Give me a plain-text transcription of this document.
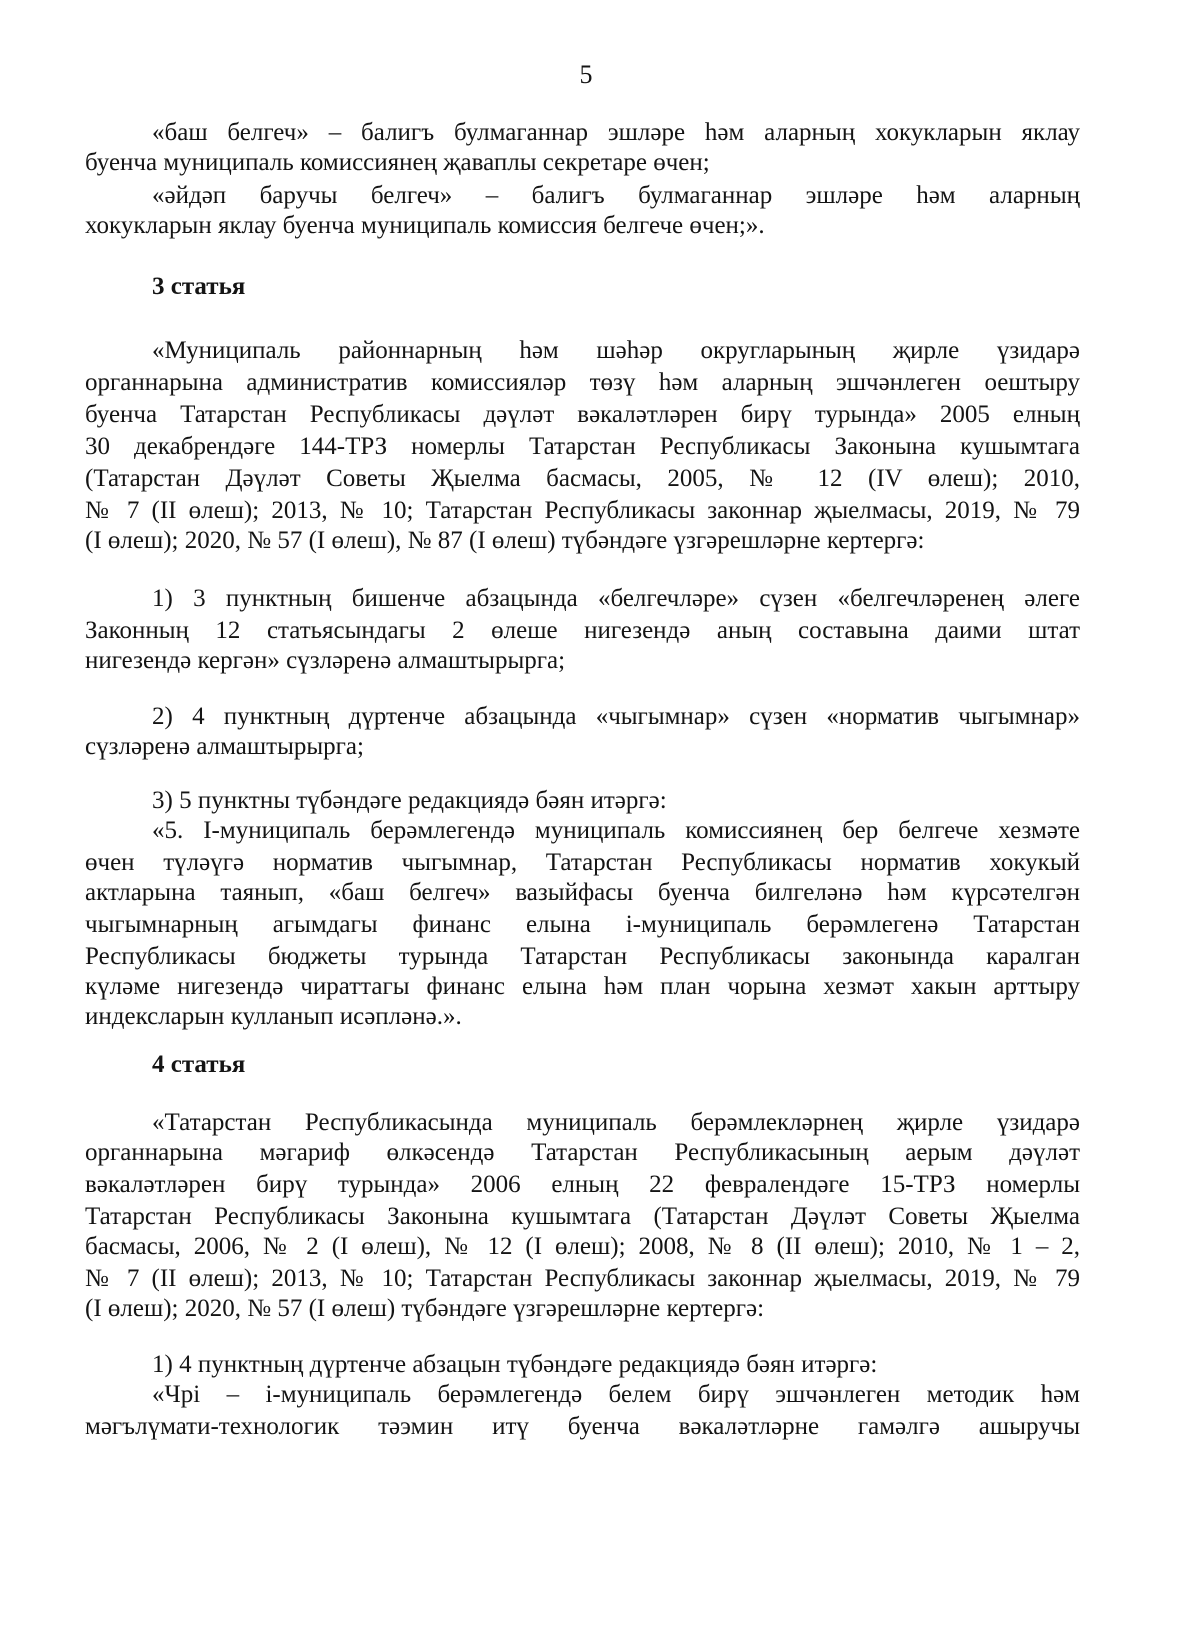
5
«баш белгеч» – балигъ булмаганнар эшләре һәм аларның хокукларын яклау
буенча муниципаль комиссиянең җаваплы секретаре өчен;
«әйдәп баручы белгеч» – балигъ булмаганнар эшләре һәм аларның
хокукларын яклау буенча муниципаль комиссия белгече өчен;».
3 статья
«Муниципаль районнарның һәм шәһәр округларының җирле үзидарә
органнарына административ комиссияләр төзү һәм аларның эшчәнлеген оештыру
буенча Татарстан Республикасы дәүләт вәкаләтләрен бирү турында» 2005 елның
30 декабрендәге 144-ТРЗ номерлы Татарстан Республикасы Законына кушымтага
(Татарстан Дәүләт Советы Җыелма басмасы, 2005, № 12 (IV өлеш); 2010,
№ 7 (II өлеш); 2013, № 10; Татарстан Республикасы законнар җыелмасы, 2019, № 79
(I өлеш); 2020, № 57 (I өлеш), № 87 (I өлеш) түбәндәге үзгәрешләрне кертергә:
1) 3 пунктның бишенче абзацында «белгечләре» сүзен «белгечләренең әлеге
Законның 12 статьясындагы 2 өлеше нигезендә аның составына даими штат
нигезендә кергән» сүзләренә алмаштырырга;
2) 4 пунктның дүртенче абзацында «чыгымнар» сүзен «норматив чыгымнар»
сүзләренә алмаштырырга;
3) 5 пунктны түбәндәге редакциядә бәян итәргә:
«5. I-муниципаль берәмлегендә муниципаль комиссиянең бер белгече хезмәте
өчен түләүгә норматив чыгымнар, Татарстан Республикасы норматив хокукый
актларына таянып, «баш белгеч» вазыйфасы буенча билгеләнә һәм күрсәтелгән
чыгымнарның агымдагы финанс елына i-муниципаль берәмлегенә Татарстан
Республикасы бюджеты турында Татарстан Республикасы законында каралган
күләме нигезендә чираттагы финанс елына һәм план чорына хезмәт хакын арттыру
индексларын кулланып исәпләнә.».
4 статья
«Татарстан Республикасында муниципаль берәмлекләрнең җирле үзидарә
органнарына мәгариф өлкәсендә Татарстан Республикасының аерым дәүләт
вәкаләтләрен бирү турында» 2006 елның 22 февралендәге 15-ТРЗ номерлы
Татарстан Республикасы Законына кушымтага (Татарстан Дәүләт Советы Җыелма
басмасы, 2006, № 2 (I өлеш), № 12 (I өлеш); 2008, № 8 (II өлеш); 2010, № 1 – 2,
№ 7 (II өлеш); 2013, № 10; Татарстан Республикасы законнар җыелмасы, 2019, № 79
(I өлеш); 2020, № 57 (I өлеш) түбәндәге үзгәрешләрне кертергә:
1) 4 пунктның дүртенче абзацын түбәндәге редакциядә бәян итәргә:
«Чрi – i-муниципаль берәмлегендә белем бирү эшчәнлеген методик һәм
мәгълүмати-технологик тәэмин итү буенча вәкаләтләрне гамәлгә ашыручы
